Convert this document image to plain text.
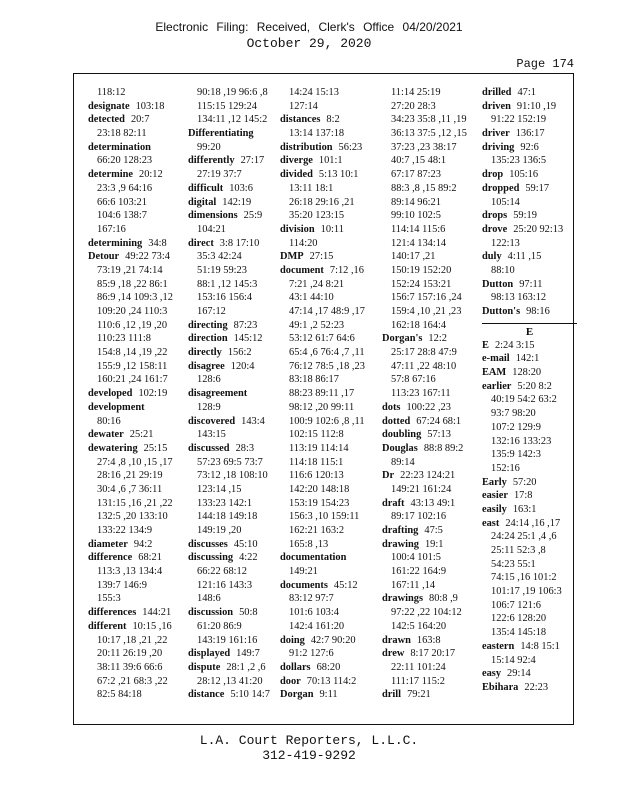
Electronic Filing: Received, Clerk's Office 04/20/2021
October 29, 2020
Page 174
118:12
designate 103:18
detected 20:7
23:18 82:11
determination
66:20 128:23
determine 20:12
23:3 ,9 64:16
66:6 103:21
104:6 138:7
167:16
determining 34:8
Detour 49:22 73:4
73:19 ,21 74:14
85:9 ,18 ,22 86:1
86:9 ,14 109:3 ,12
109:20 ,24 110:3
110:6 ,12 ,19 ,20
110:23 111:8
154:8 ,14 ,19 ,22
155:9 ,12 158:11
160:21 ,24 161:7
developed 102:19
development
80:16
dewater 25:21
dewatering 25:15
27:4 ,8 ,10 ,15 ,17
28:16 ,21 29:19
30:4 ,6 ,7 36:11
131:15 ,16 ,21 ,22
132:5 ,20 133:10
133:22 134:9
diameter 94:2
difference 68:21
113:3 ,13 134:4
139:7 146:9
155:3
differences 144:21
different 10:15 ,16
10:17 ,18 ,21 ,22
20:11 26:19 ,20
38:11 39:6 66:6
67:2 ,21 68:3 ,22
82:5 84:18
90:18 ,19 96:6 ,8
115:15 129:24
134:11 ,12 145:2
Differentiating
99:20
differently 27:17
27:19 37:7
difficult 103:6
digital 142:19
dimensions 25:9
104:21
direct 3:8 17:10
35:3 42:24
51:19 59:23
88:1 ,12 145:3
153:16 156:4
167:12
directing 87:23
direction 145:12
directly 156:2
disagree 120:4
128:6
disagreement
128:9
discovered 143:4
143:15
discussed 28:3
57:23 69:5 73:7
73:12 ,18 108:10
123:14 ,15
133:23 142:1
144:18 149:18
149:19 ,20
discusses 45:10
discussing 4:22
66:22 68:12
121:16 143:3
148:6
discussion 50:8
61:20 86:9
143:19 161:16
displayed 149:7
dispute 28:1 ,2 ,6
28:12 ,13 41:20
distance 5:10 14:7
14:24 15:13
127:14
distances 8:2
13:14 137:18
distribution 56:23
diverge 101:1
divided 5:13 10:1
13:11 18:1
26:18 29:16 ,21
35:20 123:15
division 10:11
114:20
DMP 27:15
document 7:12 ,16
7:21 ,24 8:21
43:1 44:10
47:14 ,17 48:9 ,17
49:1 ,2 52:23
53:12 61:7 64:6
65:4 ,6 76:4 ,7 ,11
76:12 78:5 ,18 ,23
83:18 86:17
88:23 89:11 ,17
98:12 ,20 99:11
100:9 102:6 ,8 ,11
102:15 112:8
113:19 114:14
114:18 115:1
116:6 120:13
142:20 148:18
153:19 154:23
156:3 ,10 159:11
162:21 163:2
165:8 ,13
documentation
149:21
documents 45:12
83:12 97:7
101:6 103:4
142:4 161:20
doing 42:7 90:20
91:2 127:6
dollars 68:20
door 70:13 114:2
Dorgan 9:11
11:14 25:19
27:20 28:3
34:23 35:8 ,11 ,19
36:13 37:5 ,12 ,15
37:23 ,23 38:17
40:7 ,15 48:1
67:17 87:23
88:3 ,8 ,15 89:2
89:14 96:21
99:10 102:5
114:14 115:6
121:4 134:14
140:17 ,21
150:19 152:20
152:24 153:21
156:7 157:16 ,24
159:4 ,10 ,21 ,23
162:18 164:4
Dorgan's 12:2
25:17 28:8 47:9
47:11 ,22 48:10
57:8 67:16
113:23 167:11
dots 100:22 ,23
dotted 67:24 68:1
doubling 57:13
Douglas 88:8 89:2
89:14
Dr 22:23 124:21
149:21 161:24
draft 43:13 49:1
89:17 102:16
drafting 47:5
drawing 19:1
100:4 101:5
161:22 164:9
167:11 ,14
drawings 80:8 ,9
97:22 ,22 104:12
142:5 164:20
drawn 163:8
drew 8:17 20:17
22:11 101:24
111:17 115:2
drill 79:21
drilled 47:1
driven 91:10 ,19
91:22 152:19
driver 136:17
driving 92:6
135:23 136:5
drop 105:16
dropped 59:17
105:14
drops 59:19
drove 25:20 92:13
122:13
duly 4:11 ,15
88:10
Dutton 97:11
98:13 163:12
Dutton's 98:16
E
E 2:24 3:15
e-mail 142:1
EAM 128:20
earlier 5:20 8:2
40:19 54:2 63:2
93:7 98:20
107:2 129:9
132:16 133:23
135:9 142:3
152:16
Early 57:20
easier 17:8
easily 163:1
east 24:14 ,16 ,17
24:24 25:1 ,4 ,6
25:11 52:3 ,8
54:23 55:1
74:15 ,16 101:2
101:17 ,19 106:3
106:7 121:6
122:6 128:20
135:4 145:18
eastern 14:8 15:1
15:14 92:4
easy 29:14
Ebihara 22:23
L.A. Court Reporters, L.L.C.
312-419-9292
